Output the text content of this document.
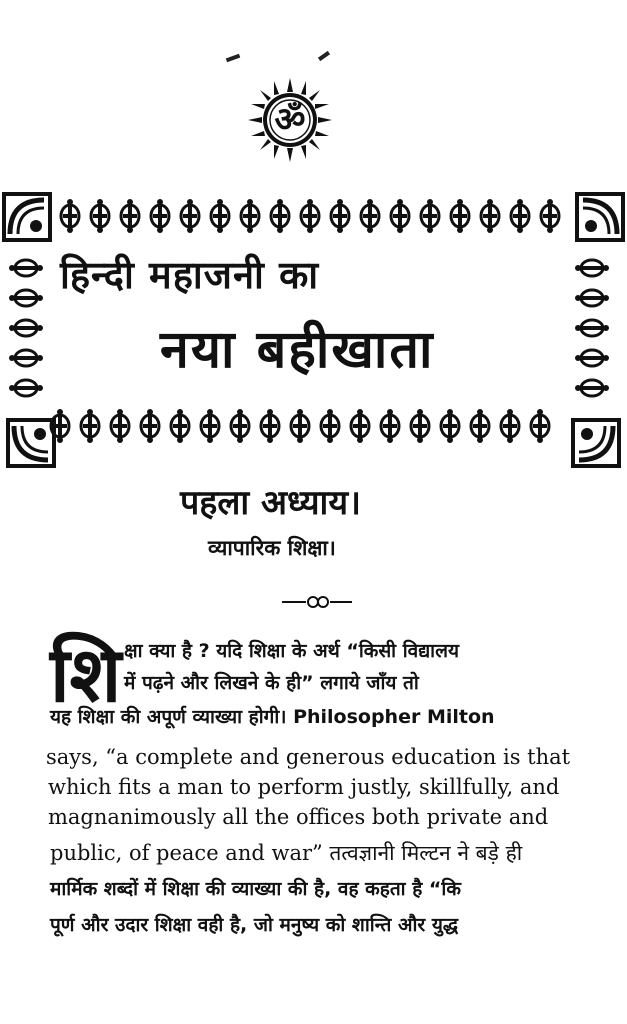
ॐ
हिन्दी महाजनी का
नया बहीखाता
पहला अध्याय।
व्यापारिक शिक्षा।
शि क्षा क्या है ? यदि शिक्षा के अर्थ “किसी विद्यालय
में पढ़ने और लिखने के ही” लगाये जाँय तो
यह शिक्षा की अपूर्ण व्याख्या होगी। Philosopher Milton
says, “a complete and generous education is that
which fits a man to perform justly, skillfully, and
magnanimously all the offices both private and
public, of peace and war” तत्वज्ञानी मिल्टन ने बड़े ही
मार्मिक शब्दों में शिक्षा की व्याख्या की है, वह कहता है “कि
पूर्ण और उदार शिक्षा वही है, जो मनुष्य को शान्ति और युद्ध
